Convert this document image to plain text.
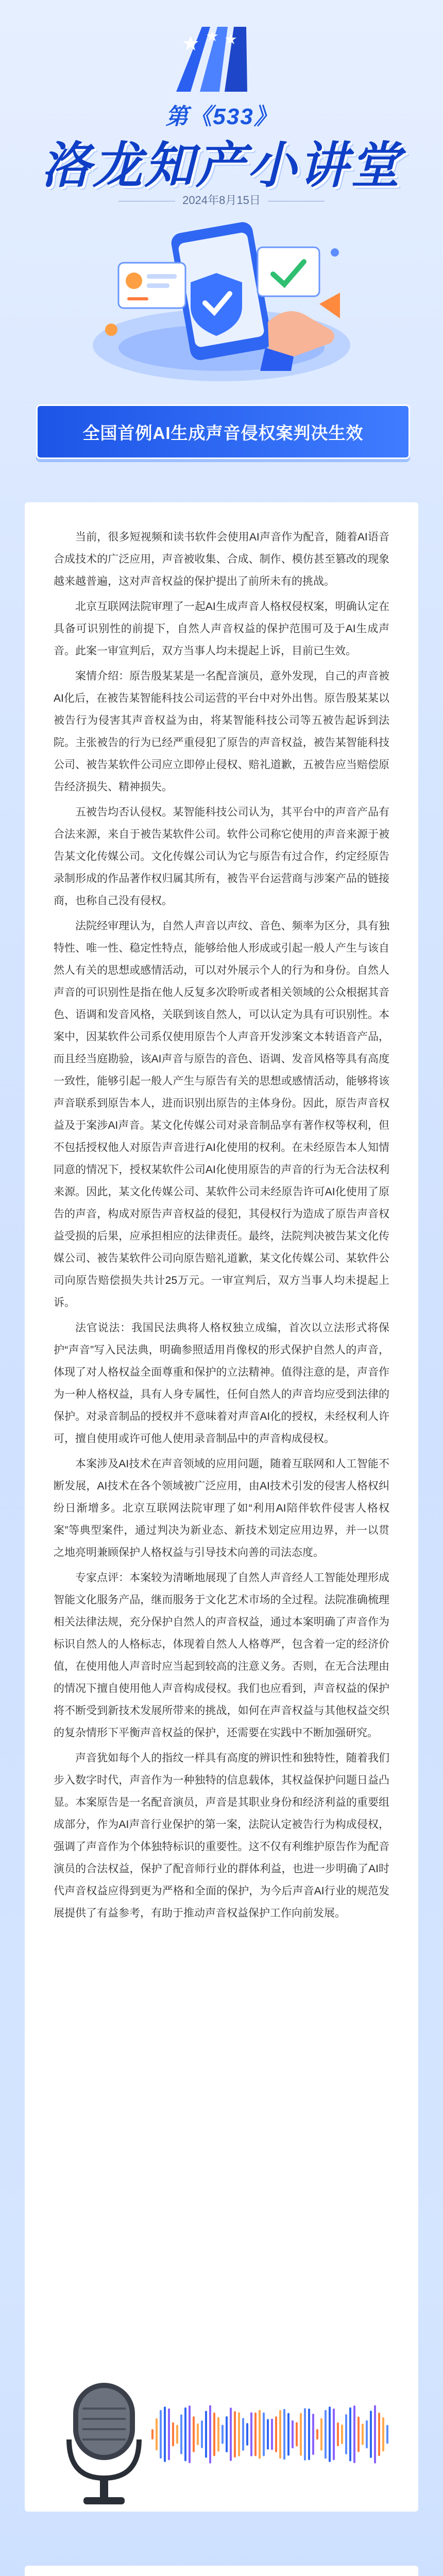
第《533》
洛龙知产小讲堂
2024年8月15日
全国首例AI生成声音侵权案判决生效

当前，很多短视频和读书软件会使用AI声音作为配音，随着AI语音合成技术的广泛应用，声音被收集、合成、制作、模仿甚至篡改的现象越来越普遍，这对声音权益的保护提出了前所未有的挑战。

北京互联网法院审理了一起AI生成声音人格权侵权案，明确认定在具备可识别性的前提下，自然人声音权益的保护范围可及于AI生成声音。此案一审宣判后，双方当事人均未提起上诉，目前已生效。

案情介绍：原告殷某某是一名配音演员，意外发现，自己的声音被AI化后，在被告某智能科技公司运营的平台中对外出售。原告殷某某以被告行为侵害其声音权益为由，将某智能科技公司等五被告起诉到法院。主张被告的行为已经严重侵犯了原告的声音权益，被告某智能科技公司、被告某软件公司应立即停止侵权、赔礼道歉，五被告应当赔偿原告经济损失、精神损失。

五被告均否认侵权。某智能科技公司认为，其平台中的声音产品有合法来源，来自于被告某软件公司。软件公司称它使用的声音来源于被告某文化传媒公司。文化传媒公司认为它与原告有过合作，约定经原告录制形成的作品著作权归属其所有，被告平台运营商与涉案产品的链接商，也称自己没有侵权。

法院经审理认为，自然人声音以声纹、音色、频率为区分，具有独特性、唯一性、稳定性特点，能够给他人形成或引起一般人产生与该自然人有关的思想或感情活动，可以对外展示个人的行为和身份。自然人声音的可识别性是指在他人反复多次聆听或者相关领域的公众根据其音色、语调和发音风格，关联到该自然人，可以认定为具有可识别性。本案中，因某软件公司系仅使用原告个人声音开发涉案文本转语音产品，而且经当庭勘验，该AI声音与原告的音色、语调、发音风格等具有高度一致性，能够引起一般人产生与原告有关的思想或感情活动，能够将该声音联系到原告本人，进而识别出原告的主体身份。因此，原告声音权益及于案涉AI声音。某文化传媒公司对录音制品享有著作权等权利，但不包括授权他人对原告声音进行AI化使用的权利。在未经原告本人知情同意的情况下，授权某软件公司AI化使用原告的声音的行为无合法权利来源。因此，某文化传媒公司、某软件公司未经原告许可AI化使用了原告的声音，构成对原告声音权益的侵犯，其侵权行为造成了原告声音权益受损的后果，应承担相应的法律责任。最终，法院判决被告某文化传媒公司、被告某软件公司向原告赔礼道歉，某文化传媒公司、某软件公司向原告赔偿损失共计25万元。一审宣判后，双方当事人均未提起上诉。

法官说法：我国民法典将人格权独立成编，首次以立法形式将保护“声音”写入民法典，明确参照适用肖像权的形式保护自然人的声音，体现了对人格权益全面尊重和保护的立法精神。值得注意的是，声音作为一种人格权益，具有人身专属性，任何自然人的声音均应受到法律的保护。对录音制品的授权并不意味着对声音AI化的授权，未经权利人许可，擅自使用或许可他人使用录音制品中的声音构成侵权。

本案涉及AI技术在声音领域的应用问题，随着互联网和人工智能不断发展，AI技术在各个领域被广泛应用，由AI技术引发的侵害人格权纠纷日渐增多。北京互联网法院审理了如“利用AI陪伴软件侵害人格权案”等典型案件，通过判决为新业态、新技术划定应用边界，并一以贯之地亮明兼顾保护人格权益与引导技术向善的司法态度。

专家点评：本案较为清晰地展现了自然人声音经人工智能处理形成智能文化服务产品，继而服务于文化艺术市场的全过程。法院准确梳理相关法律法规，充分保护自然人的声音权益，通过本案明确了声音作为标识自然人的人格标志，体现着自然人人格尊严，包含着一定的经济价值，在使用他人声音时应当起到较高的注意义务。否则，在无合法理由的情况下擅自使用他人声音构成侵权。我们也应看到，声音权益的保护将不断受到新技术发展所带来的挑战，如何在声音权益与其他权益交织的复杂情形下平衡声音权益的保护，还需要在实践中不断加强研究。

声音犹如每个人的指纹一样具有高度的辨识性和独特性，随着我们步入数字时代，声音作为一种独特的信息载体，其权益保护问题日益凸显。本案原告是一名配音演员，声音是其职业身份和经济利益的重要组成部分，作为AI声音行业保护的第一案，法院认定被告行为构成侵权，强调了声音作为个体独特标识的重要性。这不仅有利维护原告作为配音演员的合法权益，保护了配音师行业的群体利益，也进一步明确了AI时代声音权益应得到更为严格和全面的保护，为今后声音AI行业的规范发展提供了有益参考，有助于推动声音权益保护工作向前发展。
